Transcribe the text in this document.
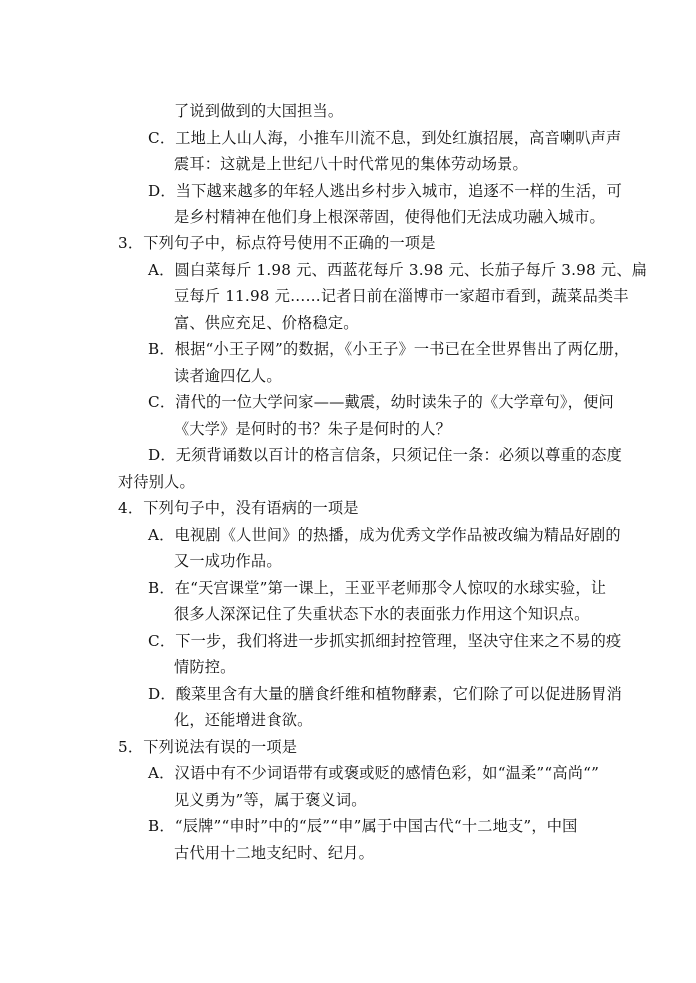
了说到做到的大国担当。
C．工地上人山人海，小推车川流不息，到处红旗招展，高音喇叭声声
震耳：这就是上世纪八十时代常见的集体劳动场景。
D．当下越来越多的年轻人逃出乡村步入城市，追逐不一样的生活，可
是乡村精神在他们身上根深蒂固，使得他们无法成功融入城市。
3．下列句子中，标点符号使用不正确的一项是
A．圆白菜每斤 1.98 元、西蓝花每斤 3.98 元、长茄子每斤 3.98 元、扁
豆每斤 11.98 元……记者日前在淄博市一家超市看到，蔬菜品类丰
富、供应充足、价格稳定。
B．根据“小王子网”的数据，《小王子》一书已在全世界售出了两亿册，
读者逾四亿人。
C．清代的一位大学问家——戴震，幼时读朱子的《大学章句》，便问
《大学》是何时的书？朱子是何时的人？
D．无须背诵数以百计的格言信条，只须记住一条：必须以尊重的态度
对待别人。
4．下列句子中，没有语病的一项是
A．电视剧《人世间》的热播，成为优秀文学作品被改编为精品好剧的
又一成功作品。
B．在“天宫课堂”第一课上，王亚平老师那令人惊叹的水球实验，让
很多人深深记住了失重状态下水的表面张力作用这个知识点。
C．下一步，我们将进一步抓实抓细封控管理，坚决守住来之不易的疫
情防控。
D．酸菜里含有大量的膳食纤维和植物酵素，它们除了可以促进肠胃消
化，还能增进食欲。
5．下列说法有误的一项是
A．汉语中有不少词语带有或褒或贬的感情色彩，如“温柔”“高尚“”
见义勇为”等，属于褒义词。
B．“辰牌”“申时”中的“辰”“申”属于中国古代“十二地支”，中国
古代用十二地支纪时、纪月。
